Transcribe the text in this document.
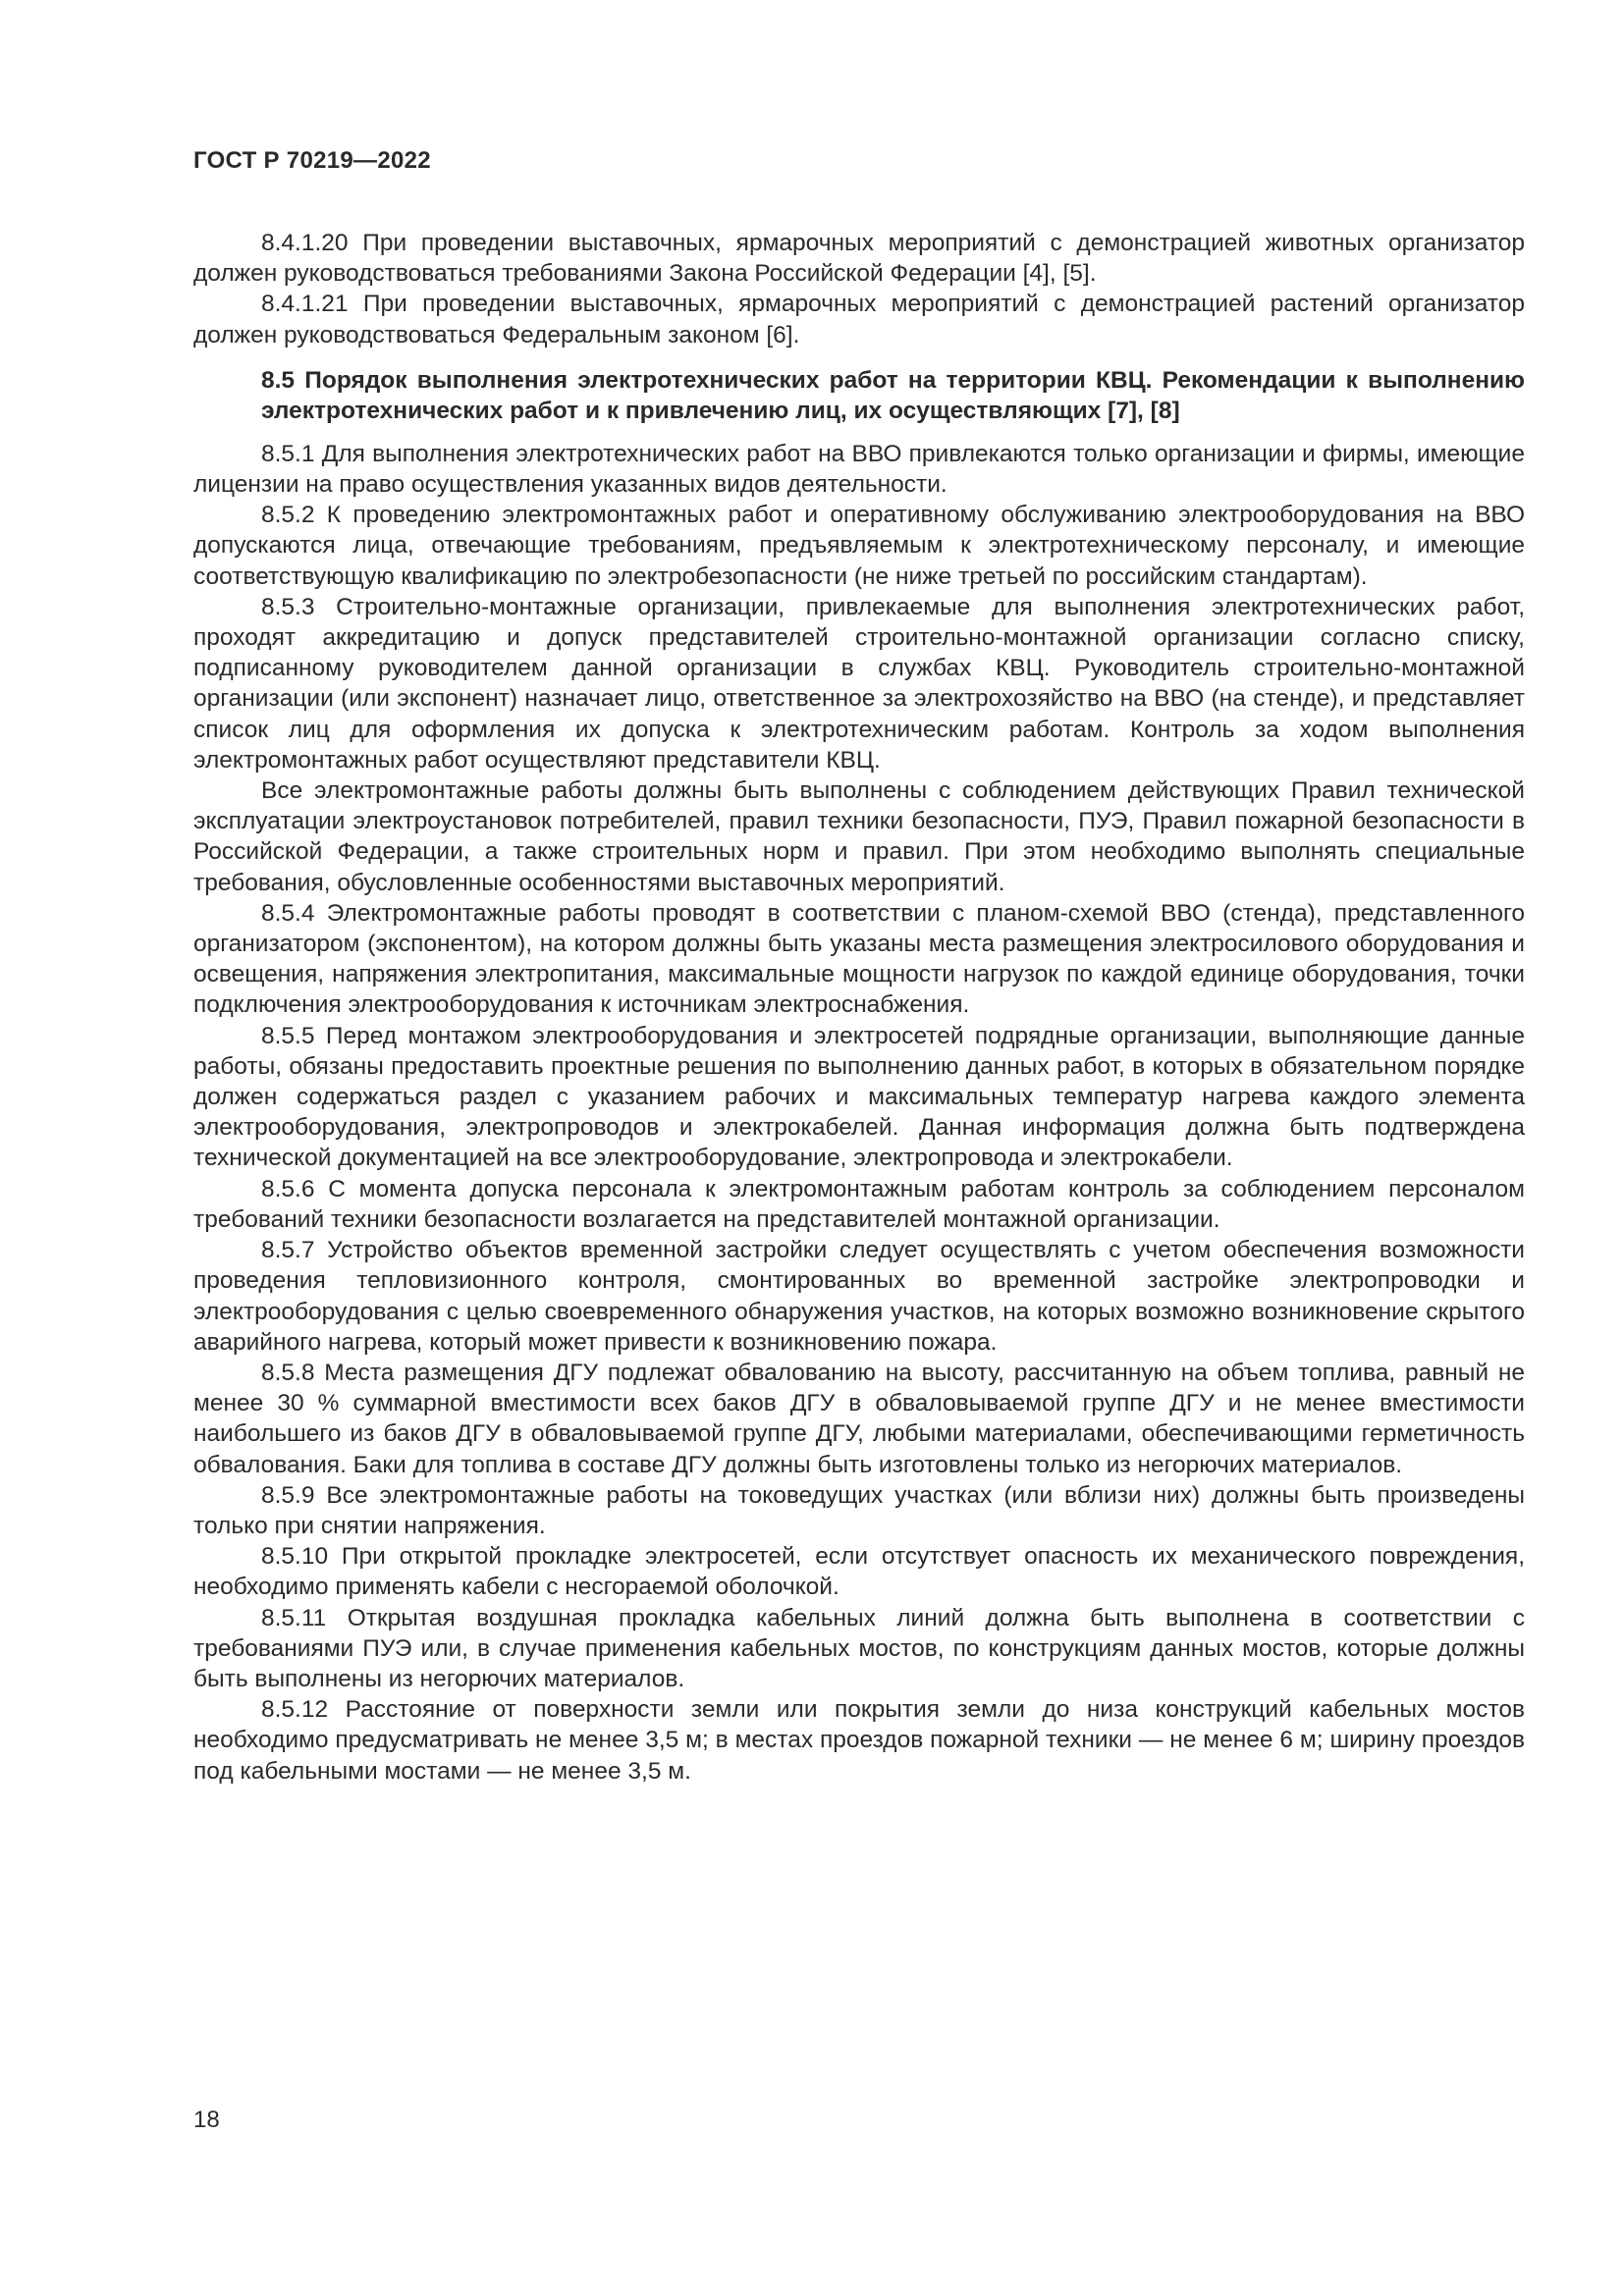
ГОСТ Р 70219—2022

8.4.1.20 При проведении выставочных, ярмарочных мероприятий с демонстрацией животных организатор должен руководствоваться требованиями Закона Российской Федерации [4], [5].

8.4.1.21 При проведении выставочных, ярмарочных мероприятий с демонстрацией растений организатор должен руководствоваться Федеральным законом [6].

8.5 Порядок выполнения электротехнических работ на территории КВЦ. Рекомендации к выполнению электротехнических работ и к привлечению лиц, их осуществляющих [7], [8]

8.5.1 Для выполнения электротехнических работ на ВВО привлекаются только организации и фирмы, имеющие лицензии на право осуществления указанных видов деятельности.

8.5.2 К проведению электромонтажных работ и оперативному обслуживанию электрооборудования на ВВО допускаются лица, отвечающие требованиям, предъявляемым к электротехническому персоналу, и имеющие соответствующую квалификацию по электробезопасности (не ниже третьей по российским стандартам).

8.5.3 Строительно-монтажные организации, привлекаемые для выполнения электротехнических работ, проходят аккредитацию и допуск представителей строительно-монтажной организации согласно списку, подписанному руководителем данной организации в службах КВЦ. Руководитель строительно-монтажной организации (или экспонент) назначает лицо, ответственное за электрохозяйство на ВВО (на стенде), и представляет список лиц для оформления их допуска к электротехническим работам. Контроль за ходом выполнения электромонтажных работ осуществляют представители КВЦ.

Все электромонтажные работы должны быть выполнены с соблюдением действующих Правил технической эксплуатации электроустановок потребителей, правил техники безопасности, ПУЭ, Правил пожарной безопасности в Российской Федерации, а также строительных норм и правил. При этом необходимо выполнять специальные требования, обусловленные особенностями выставочных мероприятий.

8.5.4 Электромонтажные работы проводят в соответствии с планом-схемой ВВО (стенда), представленного организатором (экспонентом), на котором должны быть указаны места размещения электросилового оборудования и освещения, напряжения электропитания, максимальные мощности нагрузок по каждой единице оборудования, точки подключения электрооборудования к источникам электроснабжения.

8.5.5 Перед монтажом электрооборудования и электросетей подрядные организации, выполняющие данные работы, обязаны предоставить проектные решения по выполнению данных работ, в которых в обязательном порядке должен содержаться раздел с указанием рабочих и максимальных температур нагрева каждого элемента электрооборудования, электропроводов и электрокабелей. Данная информация должна быть подтверждена технической документацией на все электрооборудование, электропровода и электрокабели.

8.5.6 С момента допуска персонала к электромонтажным работам контроль за соблюдением персоналом требований техники безопасности возлагается на представителей монтажной организации.

8.5.7 Устройство объектов временной застройки следует осуществлять с учетом обеспечения возможности проведения тепловизионного контроля, смонтированных во временной застройке электропроводки и электрооборудования с целью своевременного обнаружения участков, на которых возможно возникновение скрытого аварийного нагрева, который может привести к возникновению пожара.

8.5.8 Места размещения ДГУ подлежат обвалованию на высоту, рассчитанную на объем топлива, равный не менее 30 % суммарной вместимости всех баков ДГУ в обваловываемой группе ДГУ и не менее вместимости наибольшего из баков ДГУ в обваловываемой группе ДГУ, любыми материалами, обеспечивающими герметичность обвалования. Баки для топлива в составе ДГУ должны быть изготовлены только из негорючих материалов.

8.5.9 Все электромонтажные работы на токоведущих участках (или вблизи них) должны быть произведены только при снятии напряжения.

8.5.10 При открытой прокладке электросетей, если отсутствует опасность их механического повреждения, необходимо применять кабели с несгораемой оболочкой.

8.5.11 Открытая воздушная прокладка кабельных линий должна быть выполнена в соответствии с требованиями ПУЭ или, в случае применения кабельных мостов, по конструкциям данных мостов, которые должны быть выполнены из негорючих материалов.

8.5.12 Расстояние от поверхности земли или покрытия земли до низа конструкций кабельных мостов необходимо предусматривать не менее 3,5 м; в местах проездов пожарной техники — не менее 6 м; ширину проездов под кабельными мостами — не менее 3,5 м.

18
